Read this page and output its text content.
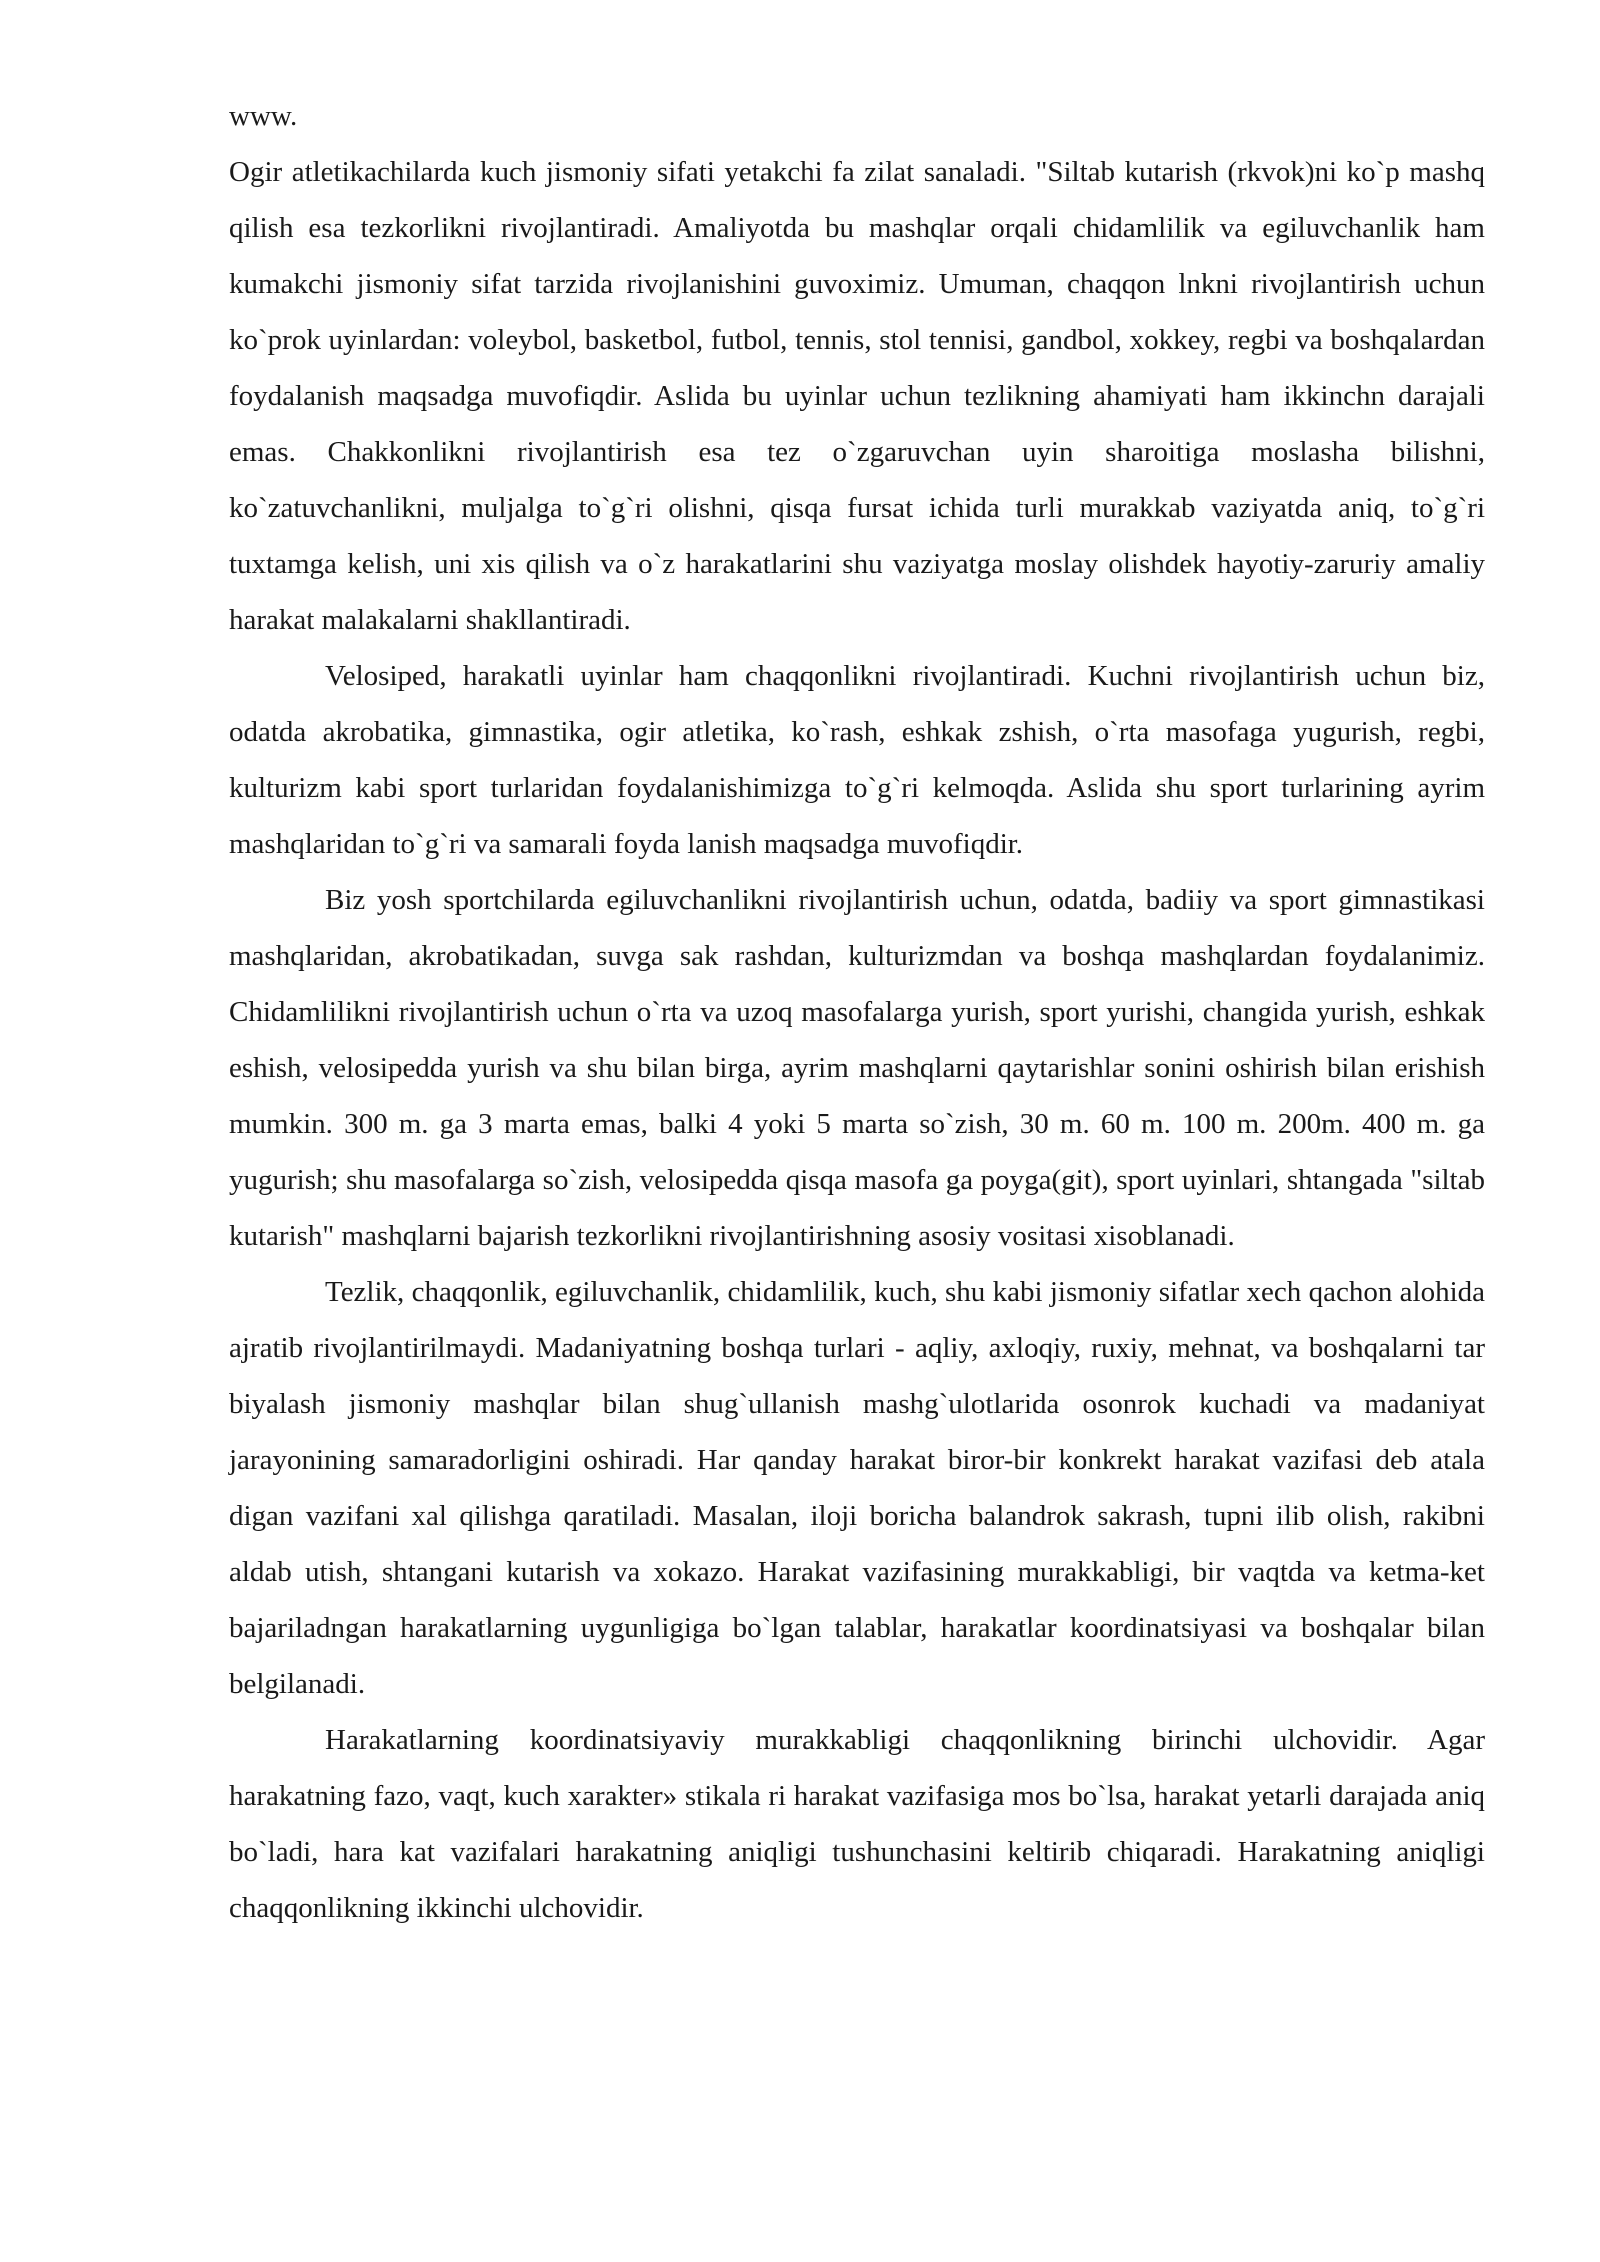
www.

Ogir atletikachilarda kuch jismoniy sifati yetakchi fa zilat sanaladi. "Siltab kutarish (rkvok)ni ko`p mashq qilish esa tezkorlikni rivojlantiradi. Amaliyotda bu mashqlar orqali chidamlilik va egiluvchanlik ham kumakchi jismoniy sifat tarzida rivojlanishini guvoximiz. Umuman, chaqqon lnkni rivojlantirish uchun ko`prok uyinlardan: voleybol, basketbol, futbol, tennis, stol tennisi, gandbol, xokkey, regbi va boshqalardan foydalanish maqsadga muvofiqdir. Aslida bu uyinlar uchun tezlikning ahamiyati ham ikkinchn darajali emas. Chakkonlikni rivojlantirish esa tez o`zgaruvchan uyin sharoitiga moslasha bilishni, ko`zatuvchanlikni, muljalga to`g`ri olishni, qisqa fursat ichida turli murakkab vaziyatda aniq, to`g`ri tuxtamga kelish, uni xis qilish va o`z harakatlarini shu vaziyatga moslay olishdek hayotiy-zaruriy amaliy harakat malakalarni shakllantiradi.

Velosiped, harakatli uyinlar ham chaqqonlikni rivojlantiradi. Kuchni rivojlantirish uchun biz, odatda akrobatika, gimnastika, ogir atletika, ko`rash, eshkak zshish, o`rta masofaga yugurish, regbi, kulturizm kabi sport turlaridan foydalanishimizga to`g`ri kelmoqda. Aslida shu sport turlarining ayrim mashqlaridan to`g`ri va samarali foyda lanish maqsadga muvofiqdir.

Biz yosh sportchilarda egiluvchanlikni rivojlantirish uchun, odatda, badiiy va sport gimnastikasi mashqlaridan, akrobatikadan, suvga sak rashdan, kulturizmdan va boshqa mashqlardan foydalanimiz. Chidamlilikni rivojlantirish uchun o`rta va uzoq masofalarga yurish, sport yurishi, changida yurish, eshkak eshish, velosipedda yurish va shu bilan birga, ayrim mashqlarni qaytarishlar sonini oshirish bilan erishish mumkin. 300 m. ga 3 marta emas, balki 4 yoki 5 marta so`zish, 30 m. 60 m. 100 m. 200m. 400 m. ga yugurish; shu masofalarga so`zish, velosipedda qisqa masofa ga poyga(git), sport uyinlari, shtangada "siltab kutarish" mashqlarni bajarish tezkorlikni rivojlantirishning asosiy vositasi xisoblanadi.

Tezlik, chaqqonlik, egiluvchanlik, chidamlilik, kuch, shu kabi jismoniy sifatlar xech qachon alohida ajratib rivojlantirilmaydi. Madaniyatning boshqa turlari - aqliy, axloqiy, ruxiy, mehnat, va boshqalarni tar biyalash jismoniy mashqlar bilan shug`ullanish mashg`ulotlarida osonrok kuchadi va madaniyat jarayonining samaradorligini oshiradi. Har qanday harakat biror-bir konkrekt harakat vazifasi deb atala digan vazifani xal qilishga qaratiladi. Masalan, iloji boricha balandrok sakrash, tupni ilib olish, rakibni aldab utish, shtangani kutarish va xokazo. Harakat vazifasining murakkabligi, bir vaqtda va ketma-ket bajariladngan harakatlarning uygunligiga bo`lgan talablar, harakatlar koordinatsiyasi va boshqalar bilan belgilanadi.

Harakatlarning koordinatsiyaviy murakkabligi chaqqonlikning birinchi ulchovidir. Agar harakatning fazo, vaqt, kuch xarakter» stikala ri harakat vazifasiga mos bo`lsa, harakat yetarli darajada aniq bo`ladi, hara kat vazifalari harakatning aniqligi tushunchasini keltirib chiqaradi. Harakatning aniqligi chaqqonlikning ikkinchi ulchovidir.
